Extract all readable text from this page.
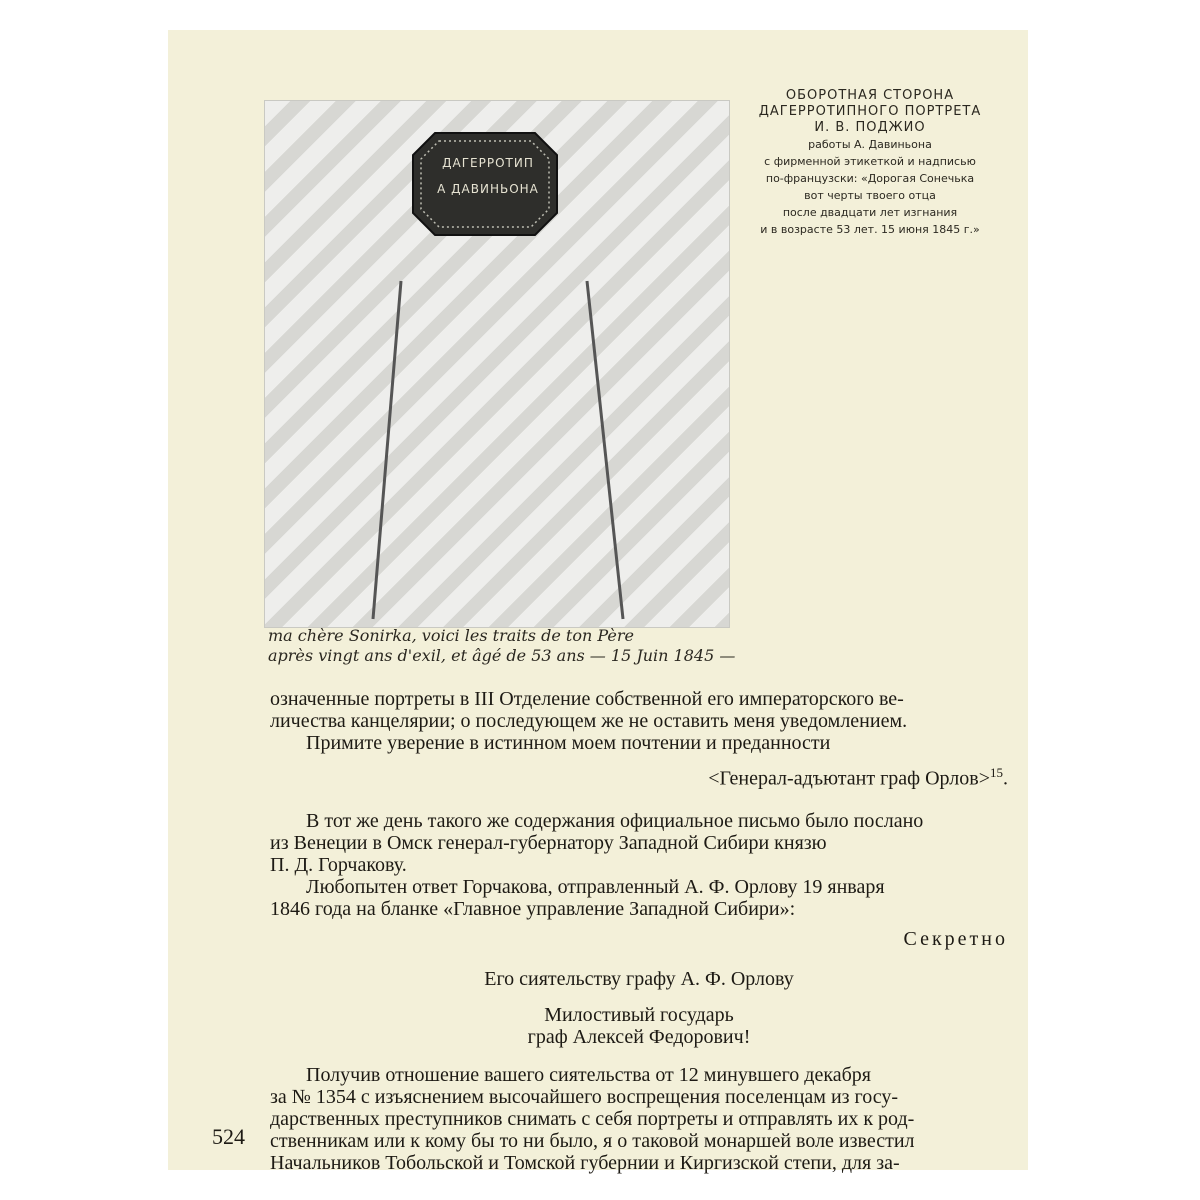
ДАГЕРРОТИП
А ДАВИНЬОНА
ma chère Sonirka, voici les traits de ton Père
après vingt ans d'exil, et âgé de 53 ans — 15 Juin 1845 —
ОБОРОТНАЯ СТОРОНА
ДАГЕРРОТИПНОГО ПОРТРЕТА
И. В. ПОДЖИО
работы А. Давиньона
с фирменной этикеткой и надписью
по-французски: «Дорогая Сонечька
вот черты твоего отца
после двадцати лет изгнания
и в возрасте 53 лет. 15 июня 1845 г.»

означенные портреты в III Отделение собственной его императорского ве-

личества канцелярии; о последующем же не оставить меня уведомлением.

Примите уверение в истинном моем почтении и преданности

<Генерал-адъютант граф Орлов>$^{15}$.

В тот же день такого же содержания официальное письмо было послано

из Венеции в Омск генерал-губернатору Западной Сибири князю

П. Д. Горчакову.

Любопытен ответ Горчакова, отправленный А. Ф. Орлову 19 января

1846 года на бланке «Главное управление Западной Сибири»:

Секретно

Его сиятельству графу А. Ф. Орлову

Милостивый государь

граф Алексей Федорович!

Получив отношение вашего сиятельства от 12 минувшего декабря

за № 1354 с изъяснением высочайшего воспрещения поселенцам из госу-

дарственных преступников снимать с себя портреты и отправлять их к род-

ственникам или к кому бы то ни было, я о таковой монаршей воле известил

Начальников Тобольской и Томской губернии и Киргизской степи, для за-

524
